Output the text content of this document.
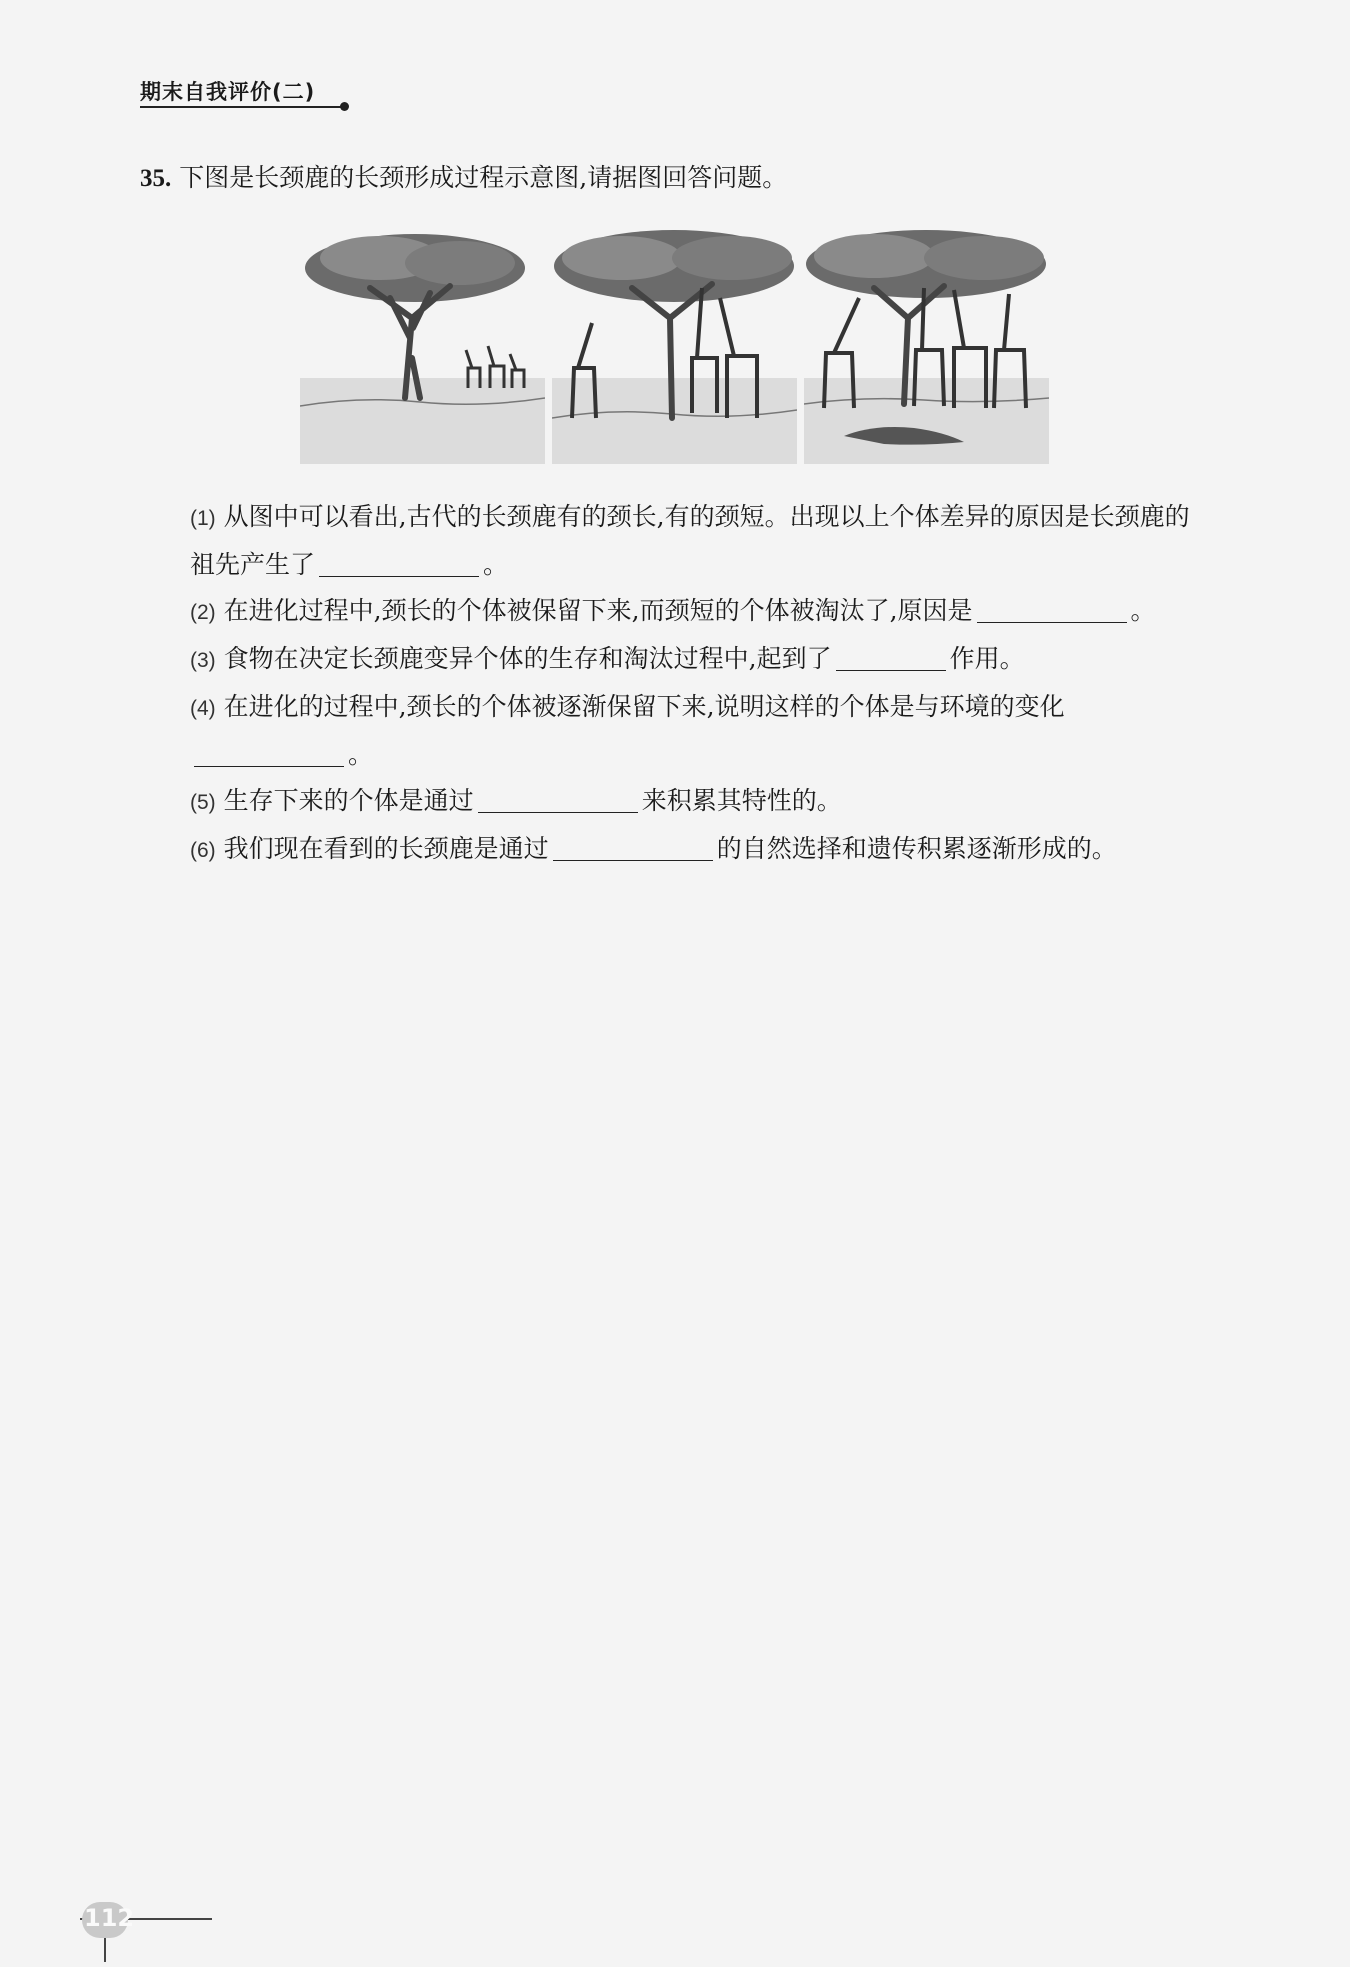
期末自我评价(二)
35. 下图是长颈鹿的长颈形成过程示意图,请据图回答问题。

(1) 从图中可以看出,古代的长颈鹿有的颈长,有的颈短。出现以上个体差异的原因是长颈鹿的祖先产生了	。

(2) 在进化过程中,颈长的个体被保留下来,而颈短的个体被淘汰了,原因是	。

(3) 食物在决定长颈鹿变异个体的生存和淘汰过程中,起到了	作用。

(4) 在进化的过程中,颈长的个体被逐渐保留下来,说明这样的个体是与环境的变化。

(5) 生存下来的个体是通过	来积累其特性的。

(6) 我们现在看到的长颈鹿是通过	的自然选择和遗传积累逐渐形成的。

112
